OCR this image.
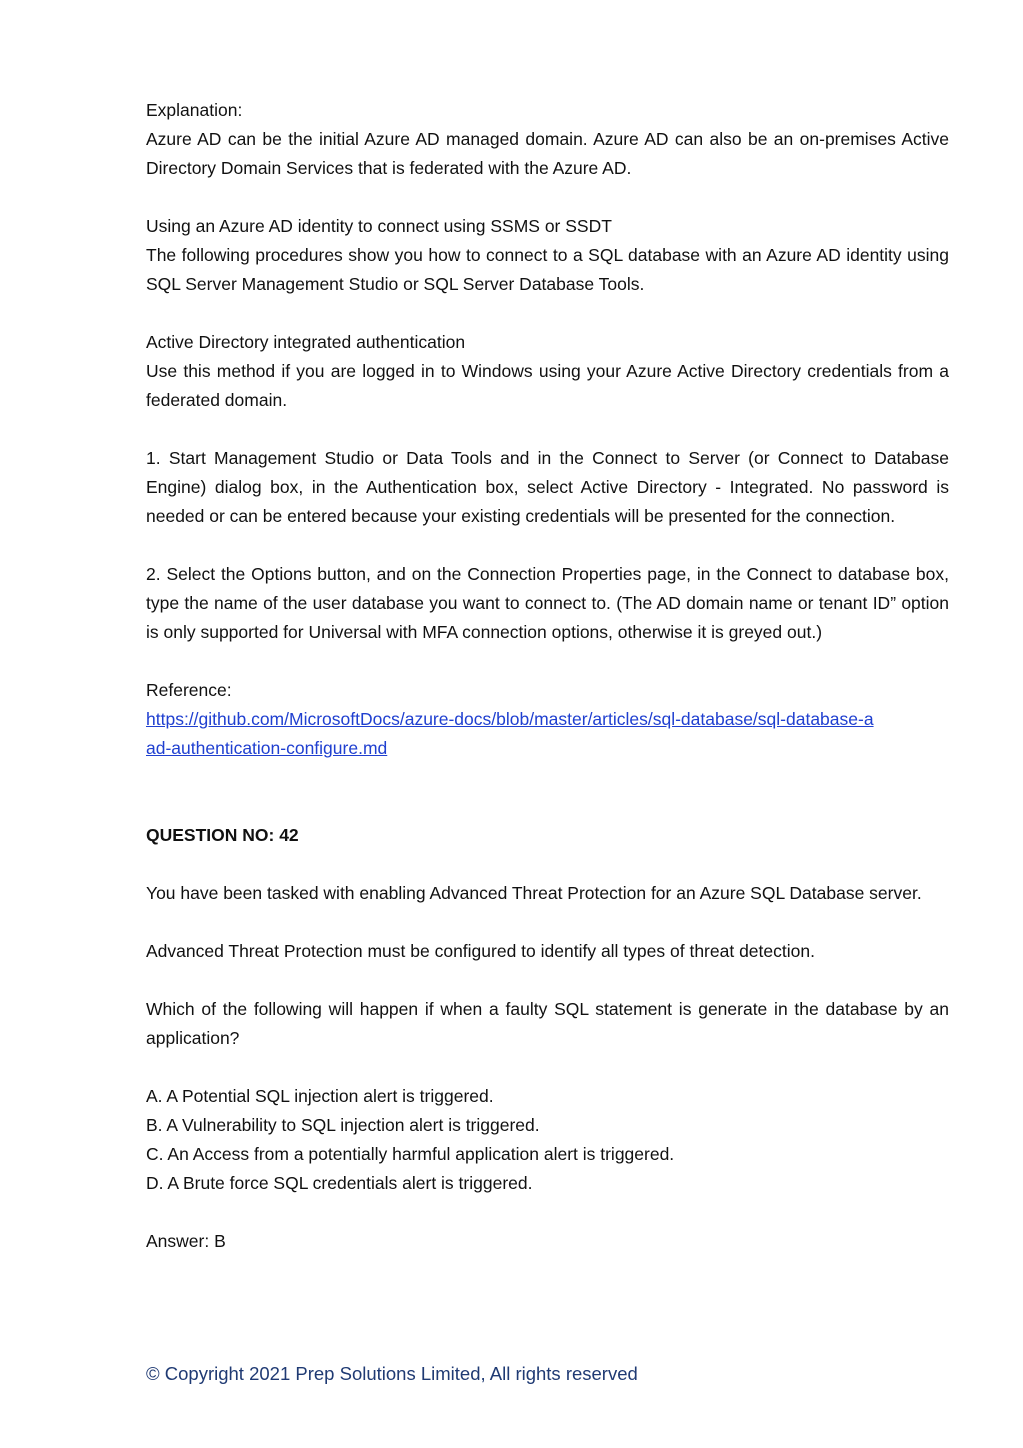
Explanation:

Azure AD can be the initial Azure AD managed domain. Azure AD can also be an on-premises Active Directory Domain Services that is federated with the Azure AD.

Using an Azure AD identity to connect using SSMS or SSDT

The following procedures show you how to connect to a SQL database with an Azure AD identity using SQL Server Management Studio or SQL Server Database Tools.

Active Directory integrated authentication

Use this method if you are logged in to Windows using your Azure Active Directory credentials from a federated domain.

1. Start Management Studio or Data Tools and in the Connect to Server (or Connect to Database Engine) dialog box, in the Authentication box, select Active Directory - Integrated. No password is needed or can be entered because your existing credentials will be presented for the connection.

2. Select the Options button, and on the Connection Properties page, in the Connect to database box, type the name of the user database you want to connect to. (The AD domain name or tenant ID” option is only supported for Universal with MFA connection options, otherwise it is greyed out.)

Reference:

https://github.com/MicrosoftDocs/azure-docs/blob/master/articles/sql-database/sql-database-aad-authentication-configure.md

QUESTION NO: 42

You have been tasked with enabling Advanced Threat Protection for an Azure SQL Database server.

Advanced Threat Protection must be configured to identify all types of threat detection.

Which of the following will happen if when a faulty SQL statement is generate in the database by an application?

A. A Potential SQL injection alert is triggered.

B. A Vulnerability to SQL injection alert is triggered.

C. An Access from a potentially harmful application alert is triggered.

D. A Brute force SQL credentials alert is triggered.

Answer: B

© Copyright 2021 Prep Solutions Limited, All rights reserved
